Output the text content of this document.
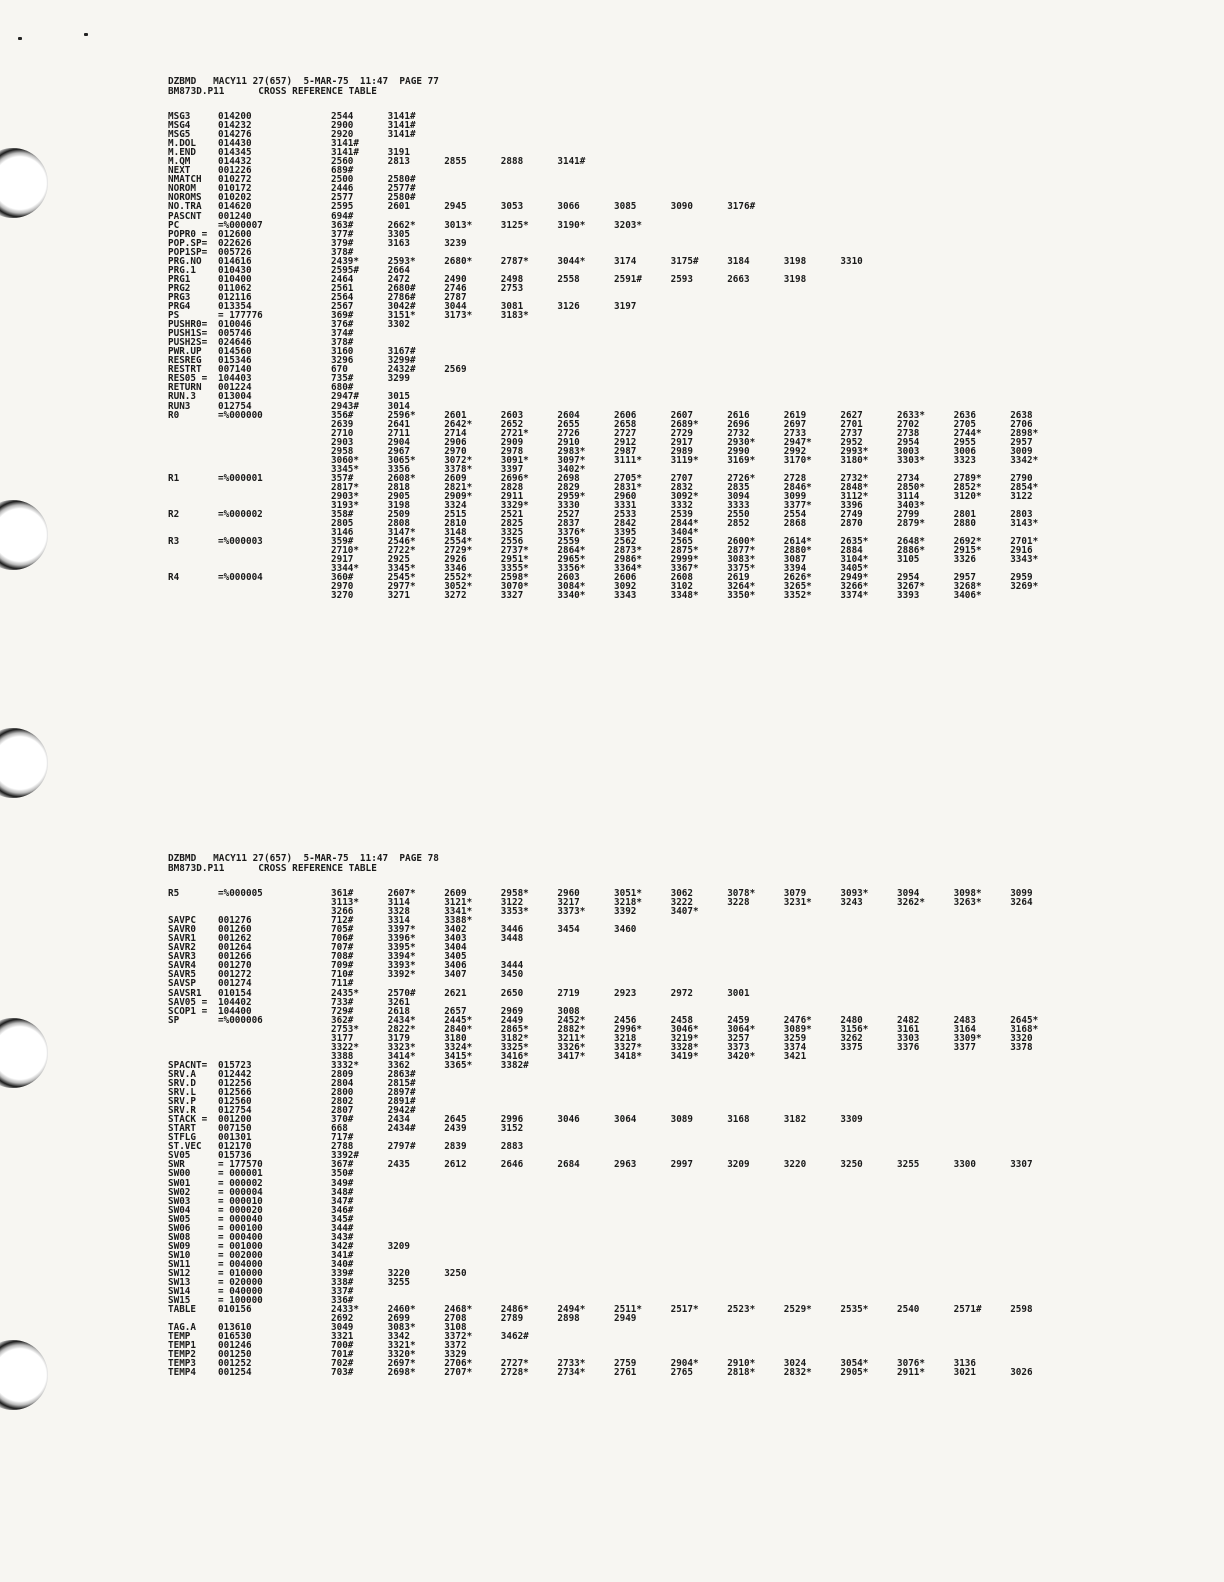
DZBMD   MACY11 27(657)  5-MAR-75  11:47  PAGE 77
BM873D.P11      CROSS REFERENCE TABLE
MSG3	014200	2544	3141#
MSG4	014232	2900	3141#
MSG5	014276	2920	3141#
M.DOL 014430	3141#
M.END 014345	3141#	3191
M.QM	014432	2560	2813	2855	2888	3141#
NEXT	001226	689#
NMATCH 010272	2500	2580#
NOROM 010172	2446	2577#
NOROMS 010202	2577	2580#
NO.TRA 014620	2595	2601	2945	3053	3066	3085	3090	3176#
PASCNT 001240	694#
PC	=%000007	363#	2662*	3013*	3125*	3190*	3203*
POPR0 = 012600	377#	3305
POP.SP= 022626	379#	3163	3239
POP1SP= 005726	378#
PRG.NO 014616	2439*	2593*	2680*	2787*	3044*	3174	3175#	3184	3198	3310
PRG.1 010430	2595#	2664
PRG1	010400	2464	2472	2490	2498	2558	2591#	2593	2663	3198
PRG2	011062	2561	2680#	2746	2753
PRG3	012116	2564	2786#	2787
PRG4	013354	2567	3042#	3044	3081	3126	3197
PS	= 177776	369#	3151*	3173*	3183*
PUSHR0= 010046	376#	3302
PUSH1S= 005746	374#
PUSH2S= 024646	378#
PWR.UP 014560	3160	3167#
RESREG 015346	3296	3299#
RESTRT 007140	670	2432#	2569
RES05 = 104403	735#	3299
RETURN 001224	680#
RUN.3 013004	2947#	3015
RUN3	012754	2943#	3014
R0	=%000000	356#	2596*	2601	2603	2604	2606	2607	2616	2619	2627	2633*	2636	2638
2639	2641	2642*	2652	2655	2658	2689*	2696	2697	2701	2702	2705	2706
2710	2711	2714	2721*	2726	2727	2729	2732	2733	2737	2738	2744*	2898*
2903	2904	2906	2909	2910	2912	2917	2930*	2947*	2952	2954	2955	2957
2958	2967	2970	2978	2983*	2987	2989	2990	2992	2993*	3003	3006	3009
3060*	3065*	3072*	3091*	3097*	3111*	3119*	3169*	3170*	3180*	3303*	3323	3342*
3345*	3356	3378*	3397	3402*
R1	=%000001	357#	2608*	2609	2696*	2698	2705*	2707	2726*	2728	2732*	2734	2789*	2790
2817*	2818	2821*	2828	2829	2831*	2832	2835	2846*	2848*	2850*	2852*	2854*
2903*	2905	2909*	2911	2959*	2960	3092*	3094	3099	3112*	3114	3120*	3122
3193*	3198	3324	3329*	3330	3331	3332	3333	3377*	3396	3403*
R2	=%000002	358#	2509	2515	2521	2527	2533	2539	2550	2554	2749	2799	2801	2803
2805	2808	2810	2825	2837	2842	2844*	2852	2868	2870	2879*	2880	3143*
3146	3147*	3148	3325	3376*	3395	3404*
R3	=%000003	359#	2546*	2554*	2556	2559	2562	2565	2600*	2614*	2635*	2648*	2692*	2701*
2710*	2722*	2729*	2737*	2864*	2873*	2875*	2877*	2880*	2884	2886*	2915*	2916
2917	2925	2926	2951*	2965*	2986*	2999*	3083*	3087	3104*	3105	3326	3343*
3344*	3345*	3346	3355*	3356*	3364*	3367*	3375*	3394	3405*
R4	=%000004	360#	2545*	2552*	2598*	2603	2606	2608	2619	2626*	2949*	2954	2957	2959
2970	2977*	3052*	3070*	3084*	3092	3102	3264*	3265*	3266*	3267*	3268*	3269*
3270	3271	3272	3327	3340*	3343	3348*	3350*	3352*	3374*	3393	3406*
DZBMD   MACY11 27(657)  5-MAR-75  11:47  PAGE 78
BM873D.P11      CROSS REFERENCE TABLE
R5	=%000005	361#	2607*	2609	2958*	2960	3051*	3062	3078*	3079	3093*	3094	3098*	3099
3113*	3114	3121*	3122	3217	3218*	3222	3228	3231*	3243	3262*	3263*	3264
3266	3328	3341*	3353*	3373*	3392	3407*
SAVPC 001276	712#	3314	3388*
SAVR0 001260	705#	3397*	3402	3446	3454	3460
SAVR1 001262	706#	3396*	3403	3448
SAVR2 001264	707#	3395*	3404
SAVR3 001266	708#	3394*	3405
SAVR4 001270	709#	3393*	3406	3444
SAVR5 001272	710#	3392*	3407	3450
SAVSP 001274	711#
SAVSR1 010154	2435*	2570#	2621	2650	2719	2923	2972	3001
SAV05 = 104402	733#	3261
SCOP1 = 104400	729#	2618	2657	2969	3008
SP	=%000006	362#	2434*	2445*	2449	2452*	2456	2458	2459	2476*	2480	2482	2483	2645*
2753*	2822*	2840*	2865*	2882*	2996*	3046*	3064*	3089*	3156*	3161	3164	3168*
3177	3179	3180	3182*	3211*	3218	3219*	3257	3259	3262	3303	3309*	3320
3322*	3323*	3324*	3325*	3326*	3327*	3328*	3373	3374	3375	3376	3377	3378
3388	3414*	3415*	3416*	3417*	3418*	3419*	3420*	3421
SPACNT= 015723	3332*	3362	3365*	3382#
SRV.A 012442	2809	2863#
SRV.D 012256	2804	2815#
SRV.L 012566	2800	2897#
SRV.P 012560	2802	2891#
SRV.R 012754	2807	2942#
STACK = 001200	370#	2434	2645	2996	3046	3064	3089	3168	3182	3309
START 007150	668	2434#	2439	3152
STFLG 001301	717#
ST.VEC 012170	2788	2797#	2839	2883
SV05	015736	3392#
SWR	= 177570	367#	2435	2612	2646	2684	2963	2997	3209	3220	3250	3255	3300	3307
SW00	= 000001	350#
SW01	= 000002	349#
SW02	= 000004	348#
SW03	= 000010	347#
SW04	= 000020	346#
SW05	= 000040	345#
SW06	= 000100	344#
SW08	= 000400	343#
SW09	= 001000	342#	3209
SW10	= 002000	341#
SW11	= 004000	340#
SW12	= 010000	339#	3220	3250
SW13	= 020000	338#	3255
SW14	= 040000	337#
SW15	= 100000	336#
TABLE 010156	2433*	2460*	2468*	2486*	2494*	2511*	2517*	2523*	2529*	2535*	2540	2571#	2598
2692	2699	2708	2789	2898	2949
TAG.A 013610	3049	3083*	3108
TEMP	016530	3321	3342	3372*	3462#
TEMP1 001246	700#	3321*	3372
TEMP2 001250	701#	3320*	3329
TEMP3 001252	702#	2697*	2706*	2727*	2733*	2759	2904*	2910*	3024	3054*	3076*	3136
TEMP4 001254	703#	2698*	2707*	2728*	2734*	2761	2765	2818*	2832*	2905*	2911*	3021	3026
